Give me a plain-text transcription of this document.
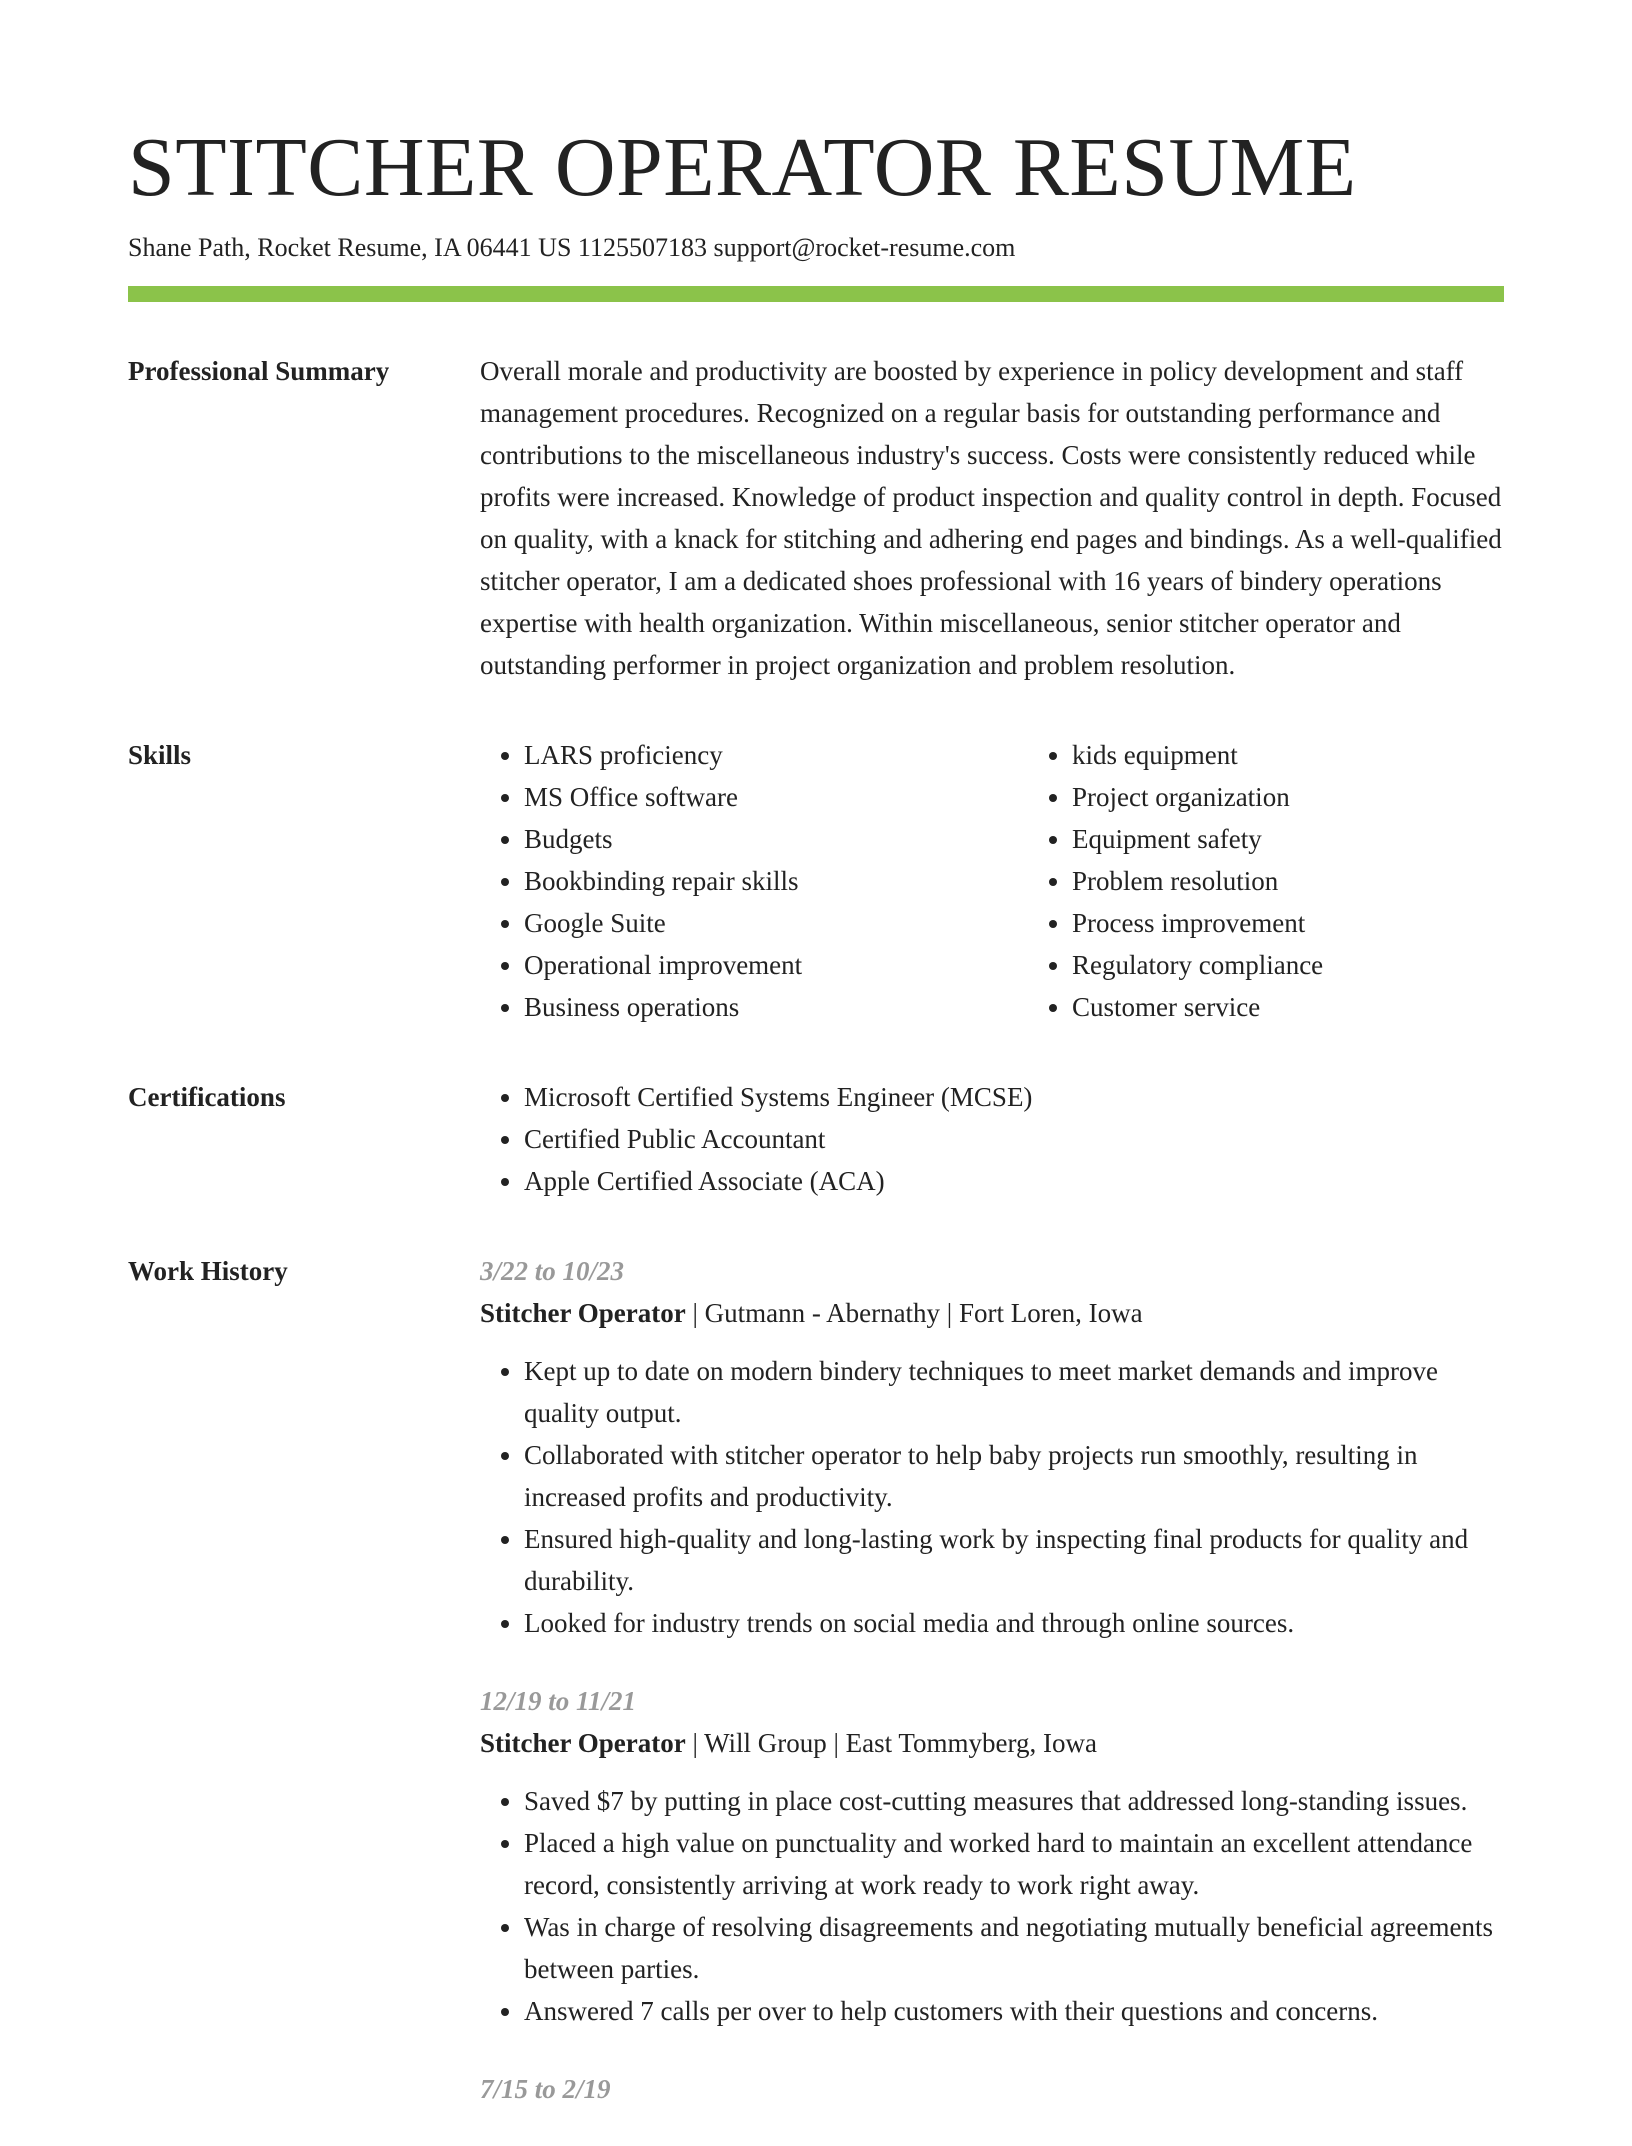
STITCHER OPERATOR RESUME
Shane Path, Rocket Resume, IA 06441 US 1125507183 support@rocket-resume.com
Professional Summary	Overall morale and productivity are boosted by experience in policy development and staff management procedures. Recognized on a regular basis for outstanding performance and contributions to the miscellaneous industry's success. Costs were consistently reduced while profits were increased. Knowledge of product inspection and quality control in depth. Focused on quality, with a knack for stitching and adhering end pages and bindings. As a well-qualified stitcher operator, I am a dedicated shoes professional with 16 years of bindery operations expertise with health organization. Within miscellaneous, senior stitcher operator and outstanding performer in project organization and problem resolution.

Skills	• LARS proficiency
• MS Office software
• Budgets
• Bookbinding repair skills
• Google Suite
• Operational improvement
• Business operations
• kids equipment
• Project organization
• Equipment safety
• Problem resolution
• Process improvement
• Regulatory compliance
• Customer service
Certifications	• Microsoft Certified Systems Engineer (MCSE)
• Certified Public Accountant
• Apple Certified Associate (ACA)
Work History	3/22 to 10/23
Stitcher Operator | Gutmann - Abernathy | Fort Loren, Iowa
• Kept up to date on modern bindery techniques to meet market demands and improve quality output.
• Collaborated with stitcher operator to help baby projects run smoothly, resulting in increased profits and productivity.
• Ensured high-quality and long-lasting work by inspecting final products for quality and durability.
• Looked for industry trends on social media and through online sources.
12/19 to 11/21
Stitcher Operator | Will Group | East Tommyberg, Iowa
• Saved $7 by putting in place cost-cutting measures that addressed long-standing issues.
• Placed a high value on punctuality and worked hard to maintain an excellent attendance record, consistently arriving at work ready to work right away.
• Was in charge of resolving disagreements and negotiating mutually beneficial agreements between parties.
• Answered 7 calls per over to help customers with their questions and concerns.
7/15 to 2/19
